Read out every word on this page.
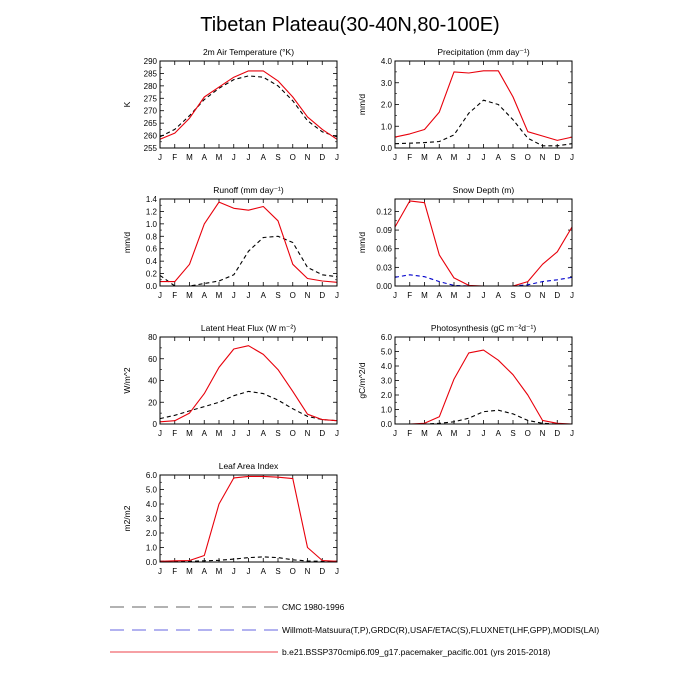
Tibetan Plateau(30-40N,80-100E)
2m Air Temperature (°K)
K
255
260
265
270
275
280
285
290
J F M A M J J A S O N D J
Precipitation (mm day⁻¹)
mm/d
0.0
1.0
2.0
3.0
4.0
J F M A M J J A S O N D J
Runoff (mm day⁻¹)
mm/d
0.0
0.2
0.4
0.6
0.8
1.0
1.2
1.4
J F M A M J J A S O N D J
Snow Depth (m)
mm/d
0.00
0.03
0.06
0.09
0.12
J F M A M J J A S O N D J
Latent Heat Flux (W m⁻²)
W/m^2
0
20
40
60
80
J F M A M J J A S O N D J
Photosynthesis (gC m⁻²d⁻¹)
gC/m^2/d
0.0
1.0
2.0
3.0
4.0
5.0
6.0
J F M A M J J A S O N D J
Leaf Area Index
m2/m2
0.0
1.0
2.0
3.0
4.0
5.0
6.0
J F M A M J J A S O N D J
CMC 1980-1996
Willmott-Matsuura(T,P),GRDC(R),USAF/ETAC(S),FLUXNET(LHF,GPP),MODIS(LAI)
b.e21.BSSP370cmip6.f09_g17.pacemaker_pacific.001 (yrs 2015-2018)
